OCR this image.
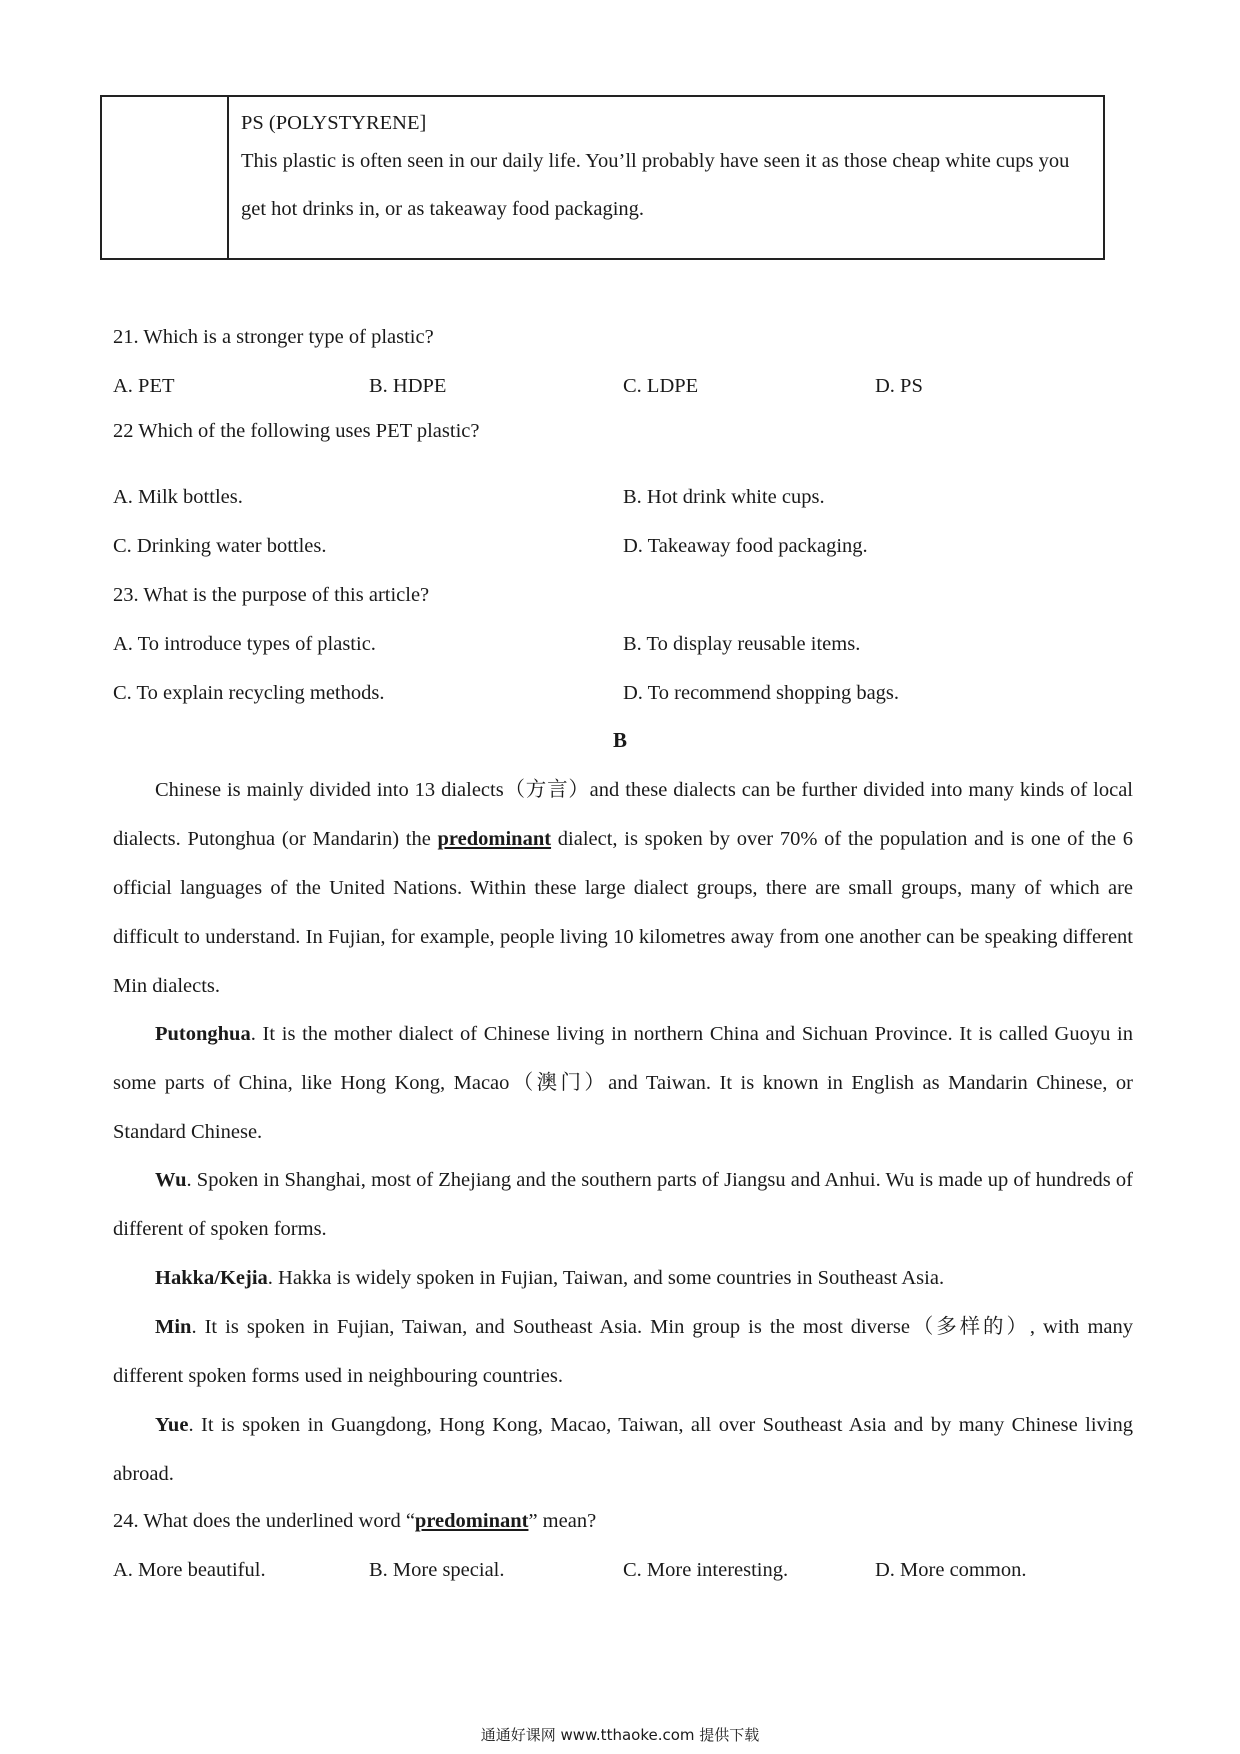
PS (POLYSTYRENE]
This plastic is often seen in our daily life. You’ll probably have seen it as those cheap white cups you get hot drinks in, or as takeaway food packaging.
21. Which is a stronger type of plastic?
A. PET	B. HDPE	C. LDPE	D. PS
22 Which of the following uses PET plastic?
A. Milk bottles.	B. Hot drink white cups.
C. Drinking water bottles.	D. Takeaway food packaging.
23. What is the purpose of this article?
A. To introduce types of plastic.	B. To display reusable items.
C. To explain recycling methods.	D. To recommend shopping bags.
B
Chinese is mainly divided into 13 dialects（方言）and these dialects can be further divided into many kinds of local dialects. Putonghua (or Mandarin) the predominant dialect, is spoken by over 70% of the population and is one of the 6 official languages of the United Nations. Within these large dialect groups, there are small groups, many of which are difficult to understand. In Fujian, for example, people living 10 kilometres away from one another can be speaking different Min dialects.
Putonghua. It is the mother dialect of Chinese living in northern China and Sichuan Province. It is called Guoyu in some parts of China, like Hong Kong, Macao（澳门）and Taiwan. It is known in English as Mandarin Chinese, or Standard Chinese.
Wu. Spoken in Shanghai, most of Zhejiang and the southern parts of Jiangsu and Anhui. Wu is made up of hundreds of different of spoken forms.
Hakka/Kejia. Hakka is widely spoken in Fujian, Taiwan, and some countries in Southeast Asia.
Min. It is spoken in Fujian, Taiwan, and Southeast Asia. Min group is the most diverse（多样的）, with many different spoken forms used in neighbouring countries.
Yue. It is spoken in Guangdong, Hong Kong, Macao, Taiwan, all over Southeast Asia and by many Chinese living abroad.
24. What does the underlined word “predominant” mean?
A. More beautiful.	B. More special.	C. More interesting.	D. More common.
通通好课网 www.tthaoke.com 提供下载
